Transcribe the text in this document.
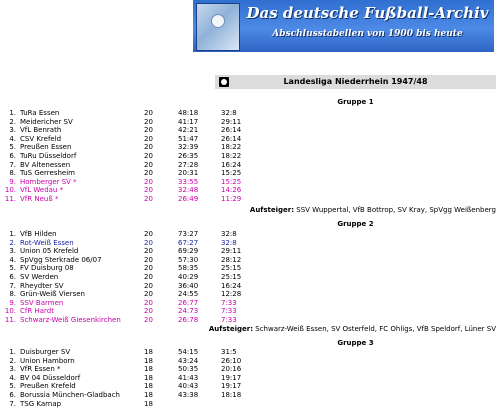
Das deutsche Fußball-Archiv
Abschlusstabellen von 1900 bis heute
Landesliga Niederrhein 1947/48
Gruppe 1
1. TuRa Essen	20	48:18	32:8
2. Meidericher SV	20	41:17	29:11
3. VfL Benrath	20	42:21	26:14
4. CSV Krefeld	20	51:47	26:14
5. Preußen Essen	20	32:39	18:22
6. TuRu Düsseldorf	20	26:35	18:22
7. BV Altenessen	20	27:28	16:24
8. TuS Gerresheim	20	20:31	15:25
9. Homberger SV *	20	33:55	15:25
10. VfL Wedau *	20	32:48	14:26
11. VfR Neuß *	20	26:49	11:29
Aufsteiger: SSV Wuppertal, VfB Bottrop, SV Kray, SpVgg Weißenberg
Gruppe 2
1. VfB Hilden	20	73:27	32:8
2. Rot-Weiß Essen	20	67:27	32:8
3. Union 05 Krefeld	20	69:29	29:11
4. SpVgg Sterkrade 06/07	20	57:30	28:12
5. FV Duisburg 08	20	58:35	25:15
6. SV Werden	20	40:29	25:15
7. Rheydter SV	20	36:40	16:24
8. Grün-Weiß Viersen	20	24:55	12:28
9. SSV Barmen	20	26:77	7:33
10. CfR Hardt	20	24:73	7:33
11. Schwarz-Weiß Giesenkirchen	20	26:78	7:33
Aufsteiger: Schwarz-Weiß Essen, SV Osterfeld, FC Ohligs, VfB Speldorf, Lüner SV
Gruppe 3
1. Duisburger SV	18	54:15	31:5
2. Union Hamborn	18	43:24	26:10
3. VfR Essen *	18	50:35	20:16
4. BV 04 Düsseldorf	18	41:43	19:17
5. Preußen Krefeld	18	40:43	19:17
6. Borussia München-Gladbach	18	43:38	18:18
7. TSG Karnap	18
